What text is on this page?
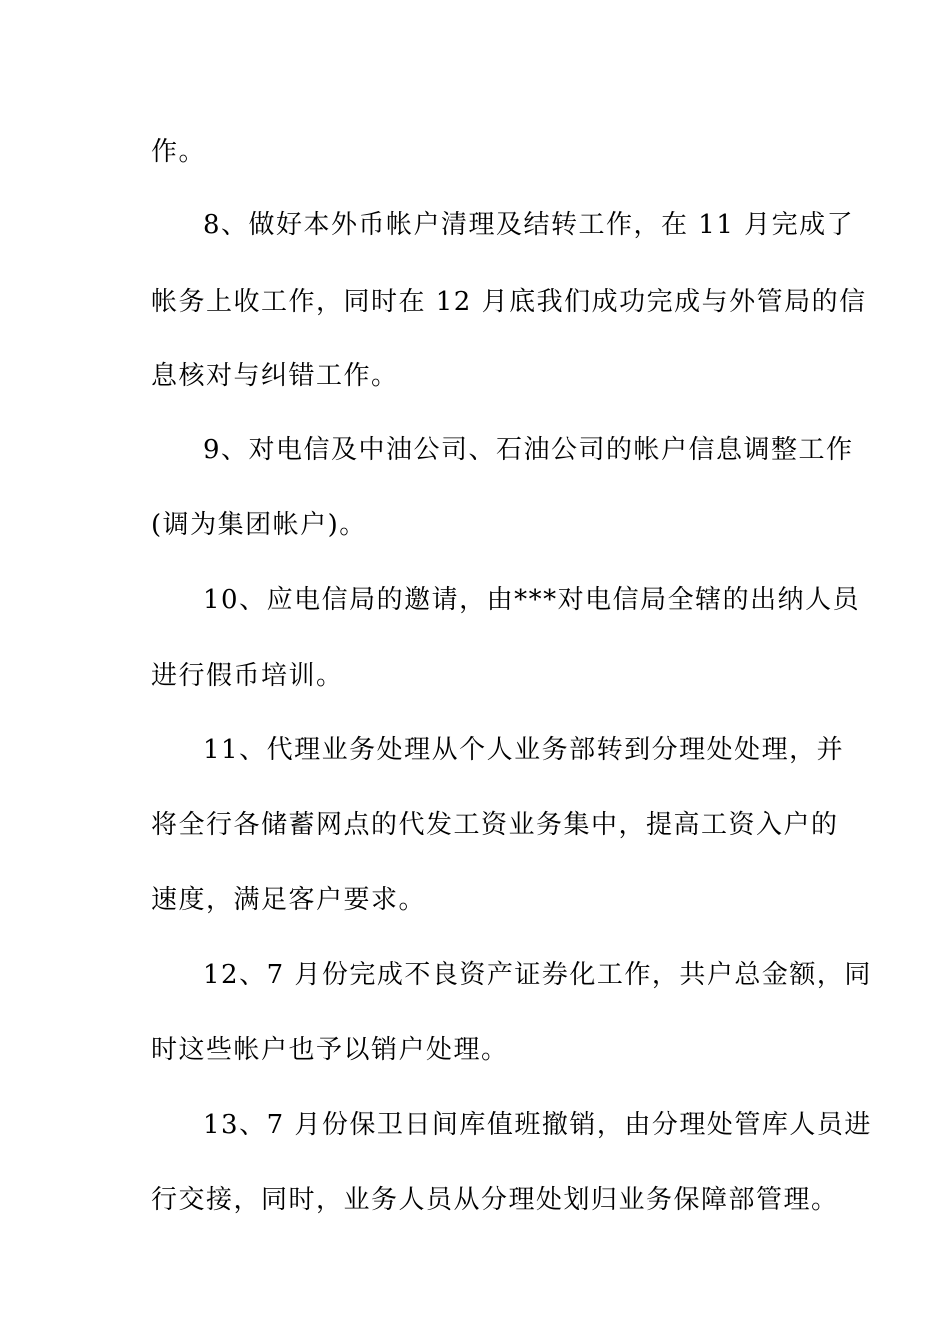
作。
8、做好本外币帐户清理及结转工作，在 11 月完成了
帐务上收工作，同时在 12 月底我们成功完成与外管局的信
息核对与纠错工作。
9、对电信及中油公司、石油公司的帐户信息调整工作
(调为集团帐户)。
10、应电信局的邀请，由***对电信局全辖的出纳人员
进行假币培训。
11、代理业务处理从个人业务部转到分理处处理，并
将全行各储蓄网点的代发工资业务集中，提高工资入户的
速度，满足客户要求。
12、7 月份完成不良资产证券化工作，共户总金额，同
时这些帐户也予以销户处理。
13、7 月份保卫日间库值班撤销，由分理处管库人员进
行交接，同时，业务人员从分理处划归业务保障部管理。
